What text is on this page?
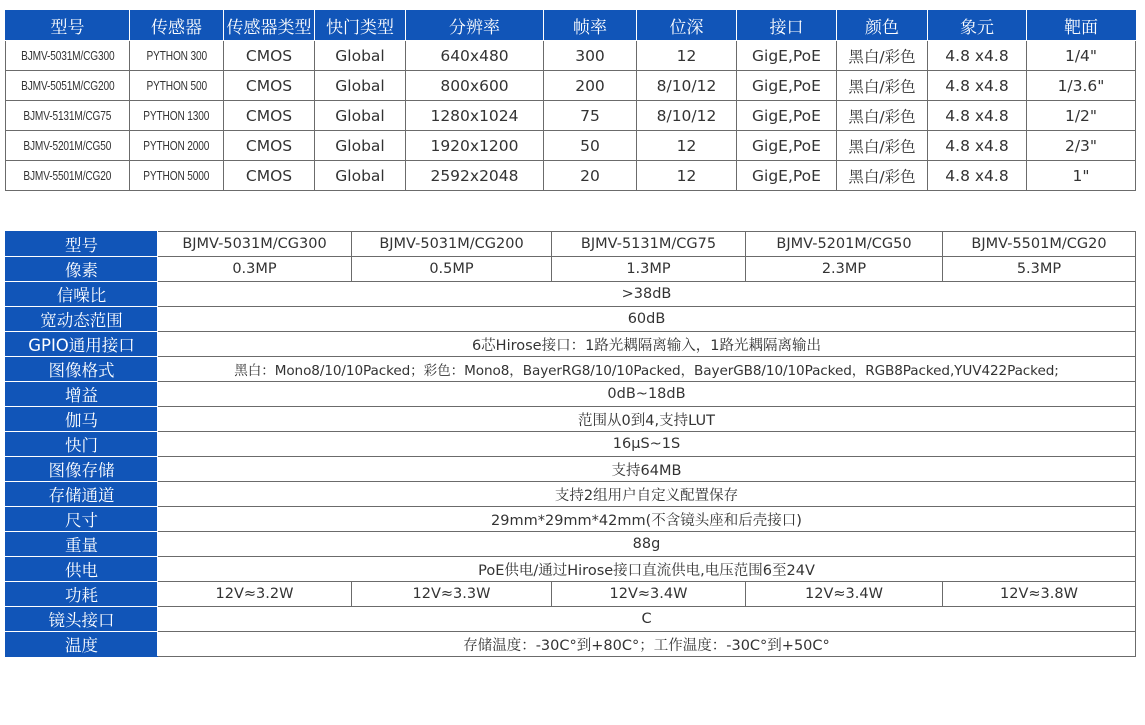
型号	传感器	传感器类型	快门类型	分辨率	帧率	位深	接口	颜色	象元	靶面
BJMV-5031M/CG300	PYTHON 300	CMOS	Global	640x480	300	12	GigE,PoE	黑白/彩色	4.8 x4.8	1/4"
BJMV-5051M/CG200	PYTHON 500	CMOS	Global	800x600	200	8/10/12	GigE,PoE	黑白/彩色	4.8 x4.8	1/3.6"
BJMV-5131M/CG75	PYTHON 1300	CMOS	Global	1280x1024	75	8/10/12	GigE,PoE	黑白/彩色	4.8 x4.8	1/2"
BJMV-5201M/CG50	PYTHON 2000	CMOS	Global	1920x1200	50	12	GigE,PoE	黑白/彩色	4.8 x4.8	2/3"
BJMV-5501M/CG20	PYTHON 5000	CMOS	Global	2592x2048	20	12	GigE,PoE	黑白/彩色	4.8 x4.8	1"
型号	BJMV-5031M/CG300	BJMV-5031M/CG200	BJMV-5131M/CG75	BJMV-5201M/CG50	BJMV-5501M/CG20
像素	0.3MP	0.5MP	1.3MP	2.3MP	5.3MP
信噪比	>38dB				
宽动态范围	60dB				
GPIO通用接口	6芯Hirose接口：1路光耦隔离输入，1路光耦隔离输出				
图像格式	黑白：Mono8/10/10Packed；彩色：Mono8，BayerRG8/10/10Packed，BayerGB8/10/10Packed，RGB8Packed,YUV422Packed;				
增益	0dB~18dB				
伽马	范围从0到4,支持LUT				
快门	16μS~1S				
图像存储	支持64MB				
存储通道	支持2组用户自定义配置保存				
尺寸	29mm*29mm*42mm(不含镜头座和后壳接口)				
重量	88g				
供电	PoE供电/通过Hirose接口直流供电,电压范围6至24V				
功耗	12V≈3.2W	12V≈3.3W	12V≈3.4W	12V≈3.4W	12V≈3.8W
镜头接口	C				
温度	存储温度：-30C°到+80C°；工作温度：-30C°到+50C°				
